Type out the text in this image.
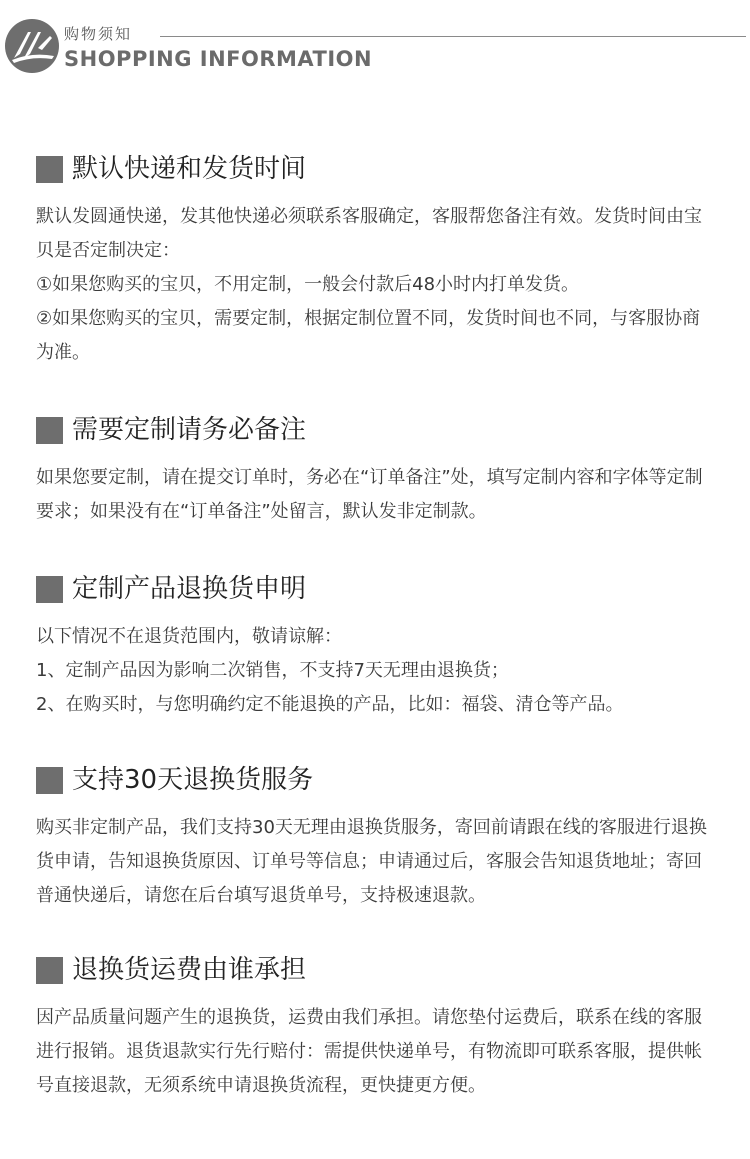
购物须知
SHOPPING INFORMATION
默认快递和发货时间

默认发圆通快递，发其他快递必须联系客服确定，客服帮您备注有效。发货时间由宝贝是否定制决定：

①如果您购买的宝贝，不用定制，一般会付款后48小时内打单发货。

②如果您购买的宝贝，需要定制，根据定制位置不同，发货时间也不同，与客服协商为准。

需要定制请务必备注

如果您要定制，请在提交订单时，务必在“订单备注”处，填写定制内容和字体等定制要求；如果没有在“订单备注”处留言，默认发非定制款。

定制产品退换货申明

以下情况不在退货范围内，敬请谅解：

1、定制产品因为影响二次销售，不支持7天无理由退换货；

2、在购买时，与您明确约定不能退换的产品，比如：福袋、清仓等产品。

支持30天退换货服务

购买非定制产品，我们支持30天无理由退换货服务，寄回前请跟在线的客服进行退换货申请，告知退换货原因、订单号等信息；申请通过后，客服会告知退货地址；寄回普通快递后，请您在后台填写退货单号，支持极速退款。

退换货运费由谁承担

因产品质量问题产生的退换货，运费由我们承担。请您垫付运费后，联系在线的客服进行报销。退货退款实行先行赔付：需提供快递单号，有物流即可联系客服，提供帐号直接退款，无须系统申请退换货流程，更快捷更方便。
